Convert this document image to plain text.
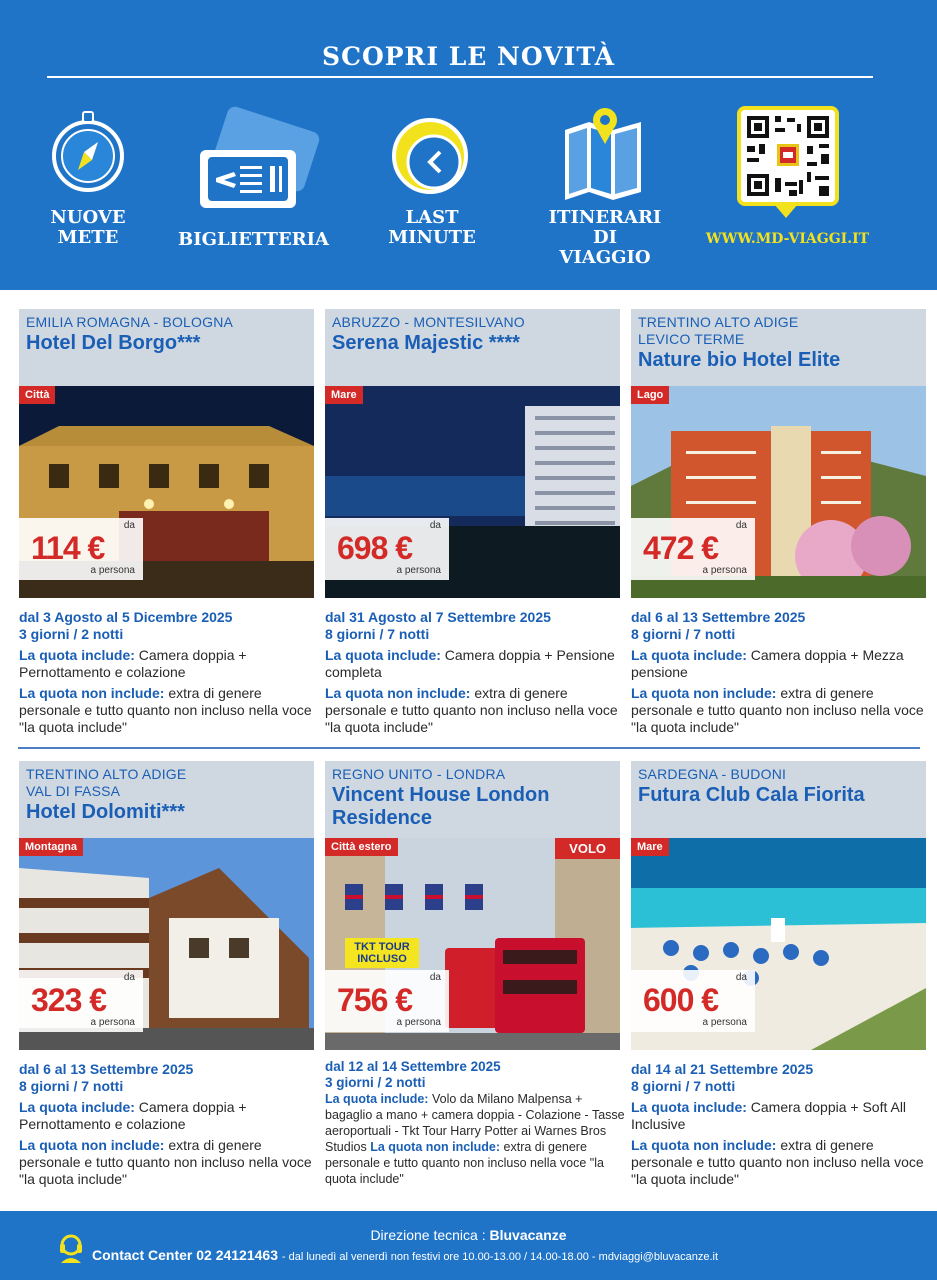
SCOPRI LE NOVITÀ
NUOVE
METE	BIGLIETTERIA
LAST
MINUTE
ITINERARI
DI VIAGGIO
WWW.MD-VIAGGI.IT
EMILIA ROMAGNA - BOLOGNA
Hotel Del Borgo***
Città
da
114 €
a persona
dal 3 Agosto al 5 Dicembre 2025
3 giorni / 2 notti
La quota include: Camera doppia + Pernottamento e colazione
La quota non include: extra di genere personale e tutto quanto non incluso nella voce "la quota include"
ABRUZZO - MONTESILVANO
Serena Majestic ****
Mare
da
698 €
a persona
dal 31 Agosto al 7 Settembre 2025
8 giorni / 7 notti
La quota include: Camera doppia + Pensione completa
La quota non include: extra di genere personale e tutto quanto non incluso nella voce "la quota include"
TRENTINO ALTO ADIGE
LEVICO TERME
Nature bio Hotel Elite
Lago
da
472 €
a persona
dal 6 al 13 Settembre 2025
8 giorni / 7 notti
La quota include: Camera doppia + Mezza pensione
La quota non include: extra di genere personale e tutto quanto non incluso nella voce "la quota include"
TRENTINO ALTO ADIGE
VAL DI FASSA
Hotel Dolomiti***
Montagna
da
323 €
a persona
dal 6 al 13 Settembre 2025
8 giorni / 7 notti
La quota include: Camera doppia + Pernottamento e colazione
La quota non include: extra di genere personale e tutto quanto non incluso nella voce "la quota include"
REGNO UNITO - LONDRA
Vincent House London Residence
Città estero	VOLO
TKT TOUR INCLUSO
da
756 €
a persona
dal 12 al 14 Settembre 2025
3 giorni / 2 notti
La quota include: Volo da Milano Malpensa + bagaglio a mano + camera doppia - Colazione - Tasse aeroportuali - Tkt Tour Harry Potter ai Warnes Bros Studios La quota non include: extra di genere personale e tutto quanto non incluso nella voce "la quota include"
SARDEGNA - BUDONI
Futura Club Cala Fiorita
Mare
da
600 €
a persona
dal 14 al 21 Settembre 2025
8 giorni / 7 notti
La quota include: Camera doppia + Soft All Inclusive
La quota non include: extra di genere personale e tutto quanto non incluso nella voce "la quota include"
Direzione tecnica : Bluvacanze
Contact Center 02 24121463 - dal lunedì al venerdì non festivi ore 10.00-13.00 / 14.00-18.00 - mdviaggi@bluvacanze.it
